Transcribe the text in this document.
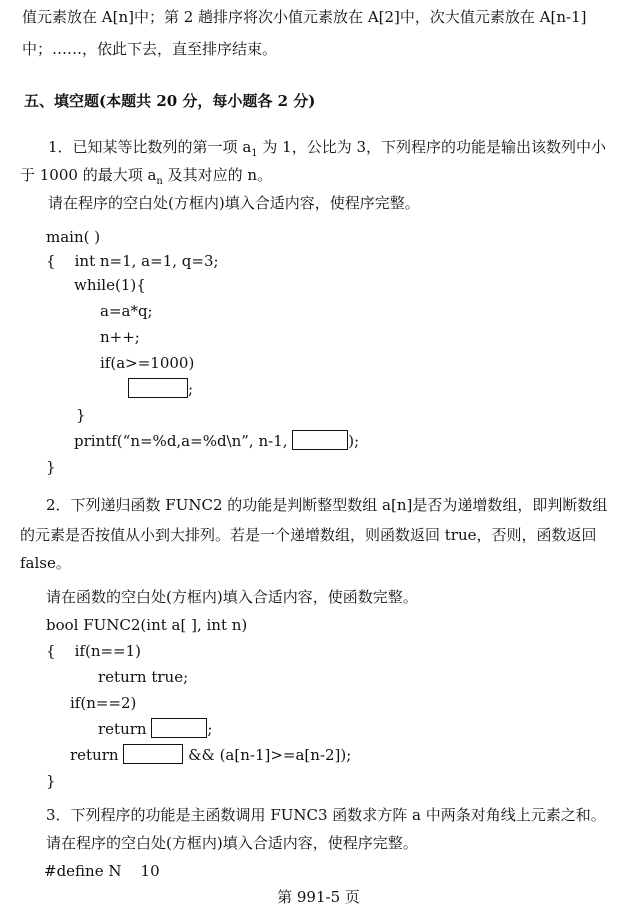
值元素放在 A[n]中；第 2 趟排序将次小值元素放在 A[2]中，次大值元素放在 A[n-1]
中；……，依此下去，直至排序结束。
五、填空题(本题共 20 分，每小题各 2 分)
1．已知某等比数列的第一项 $a_1$ 为 1，公比为 3，下列程序的功能是输出该数列中小
于 1000 的最大项 $a_n$ 及其对应的 n。
请在程序的空白处(方框内)填入合适内容，使程序完整。
main( )
{    int n=1, a=1, q=3;
while(1){
a=a*q;
n++;
if(a>=1000)
;
}
printf(“n=%d,a=%d\n”, n-1,	);
}
2．下列递归函数 FUNC2 的功能是判断整型数组 a[n]是否为递增数组，即判断数组
的元素是否按值从小到大排列。若是一个递增数组，则函数返回 true，否则，函数返回
false。
请在函数的空白处(方框内)填入合适内容，使函数完整。
bool FUNC2(int a[ ], int n)
{    if(n==1)
return true;
if(n==2)
return	;
return	&& (a[n-1]>=a[n-2]);
}
3．下列程序的功能是主函数调用 FUNC3 函数求方阵 a 中两条对角线上元素之和。
请在程序的空白处(方框内)填入合适内容，使程序完整。
#define N    10
第 991-5 页
